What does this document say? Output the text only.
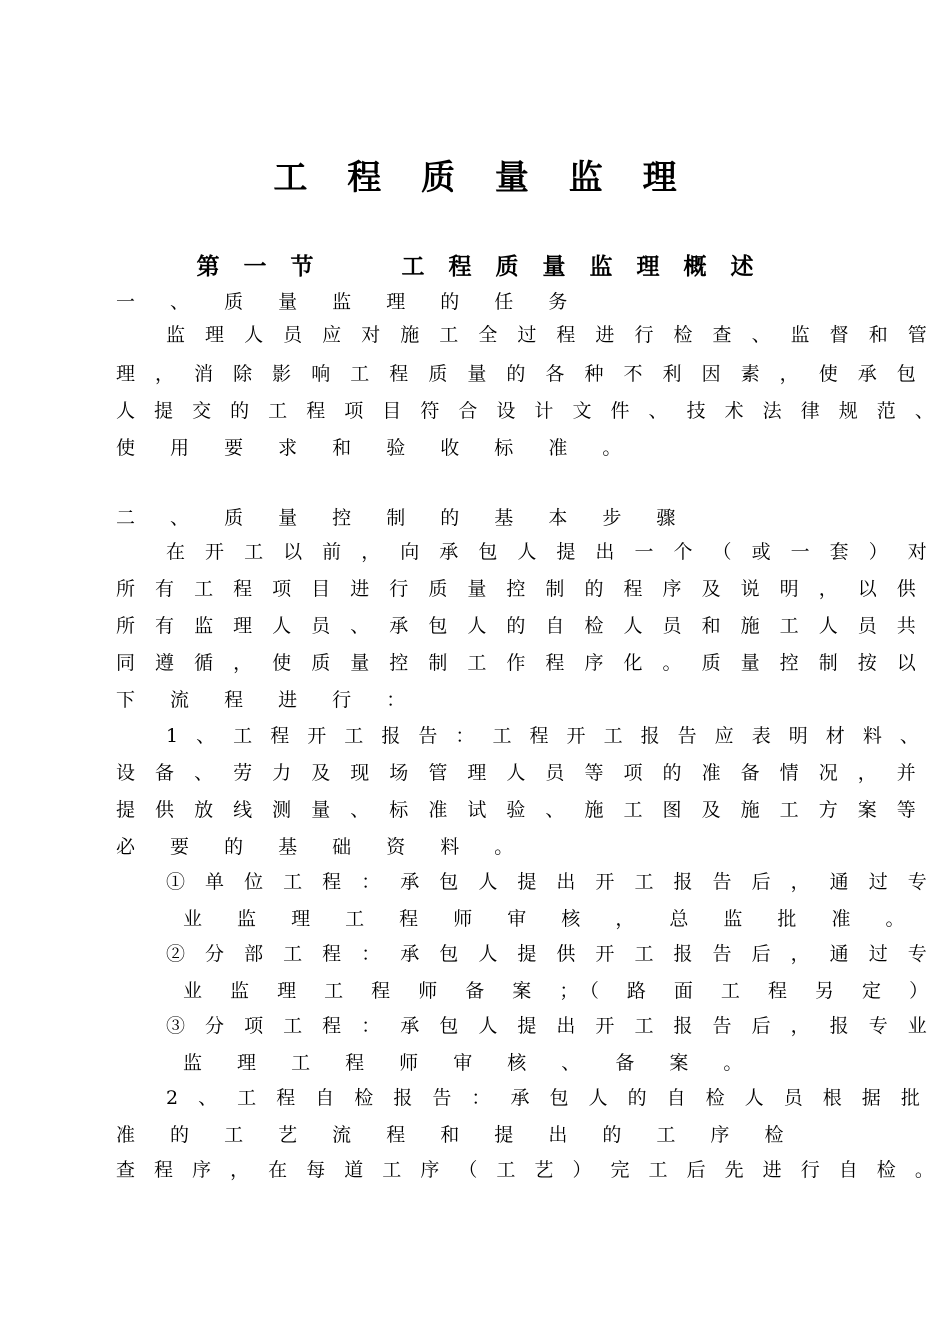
工 程 质 量 监 理
第 一 节     工 程 质 量 监 理 概 述
一 、 质 量 监 理 的 任 务
监 理 人 员 应 对 施 工 全 过 程 进 行 检 查 、 监 督 和 管
理 ， 消 除 影 响 工 程 质 量 的 各 种 不 利 因 素 ， 使 承 包
人 提 交 的 工 程 项 目 符 合 设 计 文 件 、 技 术 法 律 规 范 、
使 用 要 求 和 验 收 标 准 。
二 、 质 量 控 制 的 基 本 步 骤
在 开 工 以 前 ， 向 承 包 人 提 出 一 个 （ 或 一 套 ） 对
所 有 工 程 项 目 进 行 质 量 控 制 的 程 序 及 说 明 ， 以 供
所 有 监 理 人 员 、 承 包 人 的 自 检 人 员 和 施 工 人 员 共
同 遵 循 ， 使 质 量 控 制 工 作 程 序 化 。 质 量 控 制 按 以
下 流 程 进 行 ：
1 、 工 程 开 工 报 告 ： 工 程 开 工 报 告 应 表 明 材 料 、
设 备 、 劳 力 及 现 场 管 理 人 员 等 项 的 准 备 情 况 ， 并
提 供 放 线 测 量 、 标 准 试 验 、 施 工 图 及 施 工 方 案 等
必 要 的 基 础 资 料 。
① 单 位 工 程 ： 承 包 人 提 出 开 工 报 告 后 ， 通 过 专
业 监 理 工 程 师 审 核 ， 总 监 批 准 。
② 分 部 工 程 ： 承 包 人 提 供 开 工 报 告 后 ， 通 过 专
业 监 理 工 程 师 备 案 ；（ 路 面 工 程 另 定 ）
③ 分 项 工 程 ： 承 包 人 提 出 开 工 报 告 后 ， 报 专 业
监 理 工 程 师 审 核 、 备 案 。
2 、 工 程 自 检 报 告 ： 承 包 人 的 自 检 人 员 根 据 批
准 的 工 艺 流 程 和 提 出 的 工 序 检
查 程 序 ， 在 每 道 工 序 （ 工 艺 ） 完 工 后 先 进 行 自 检 。
